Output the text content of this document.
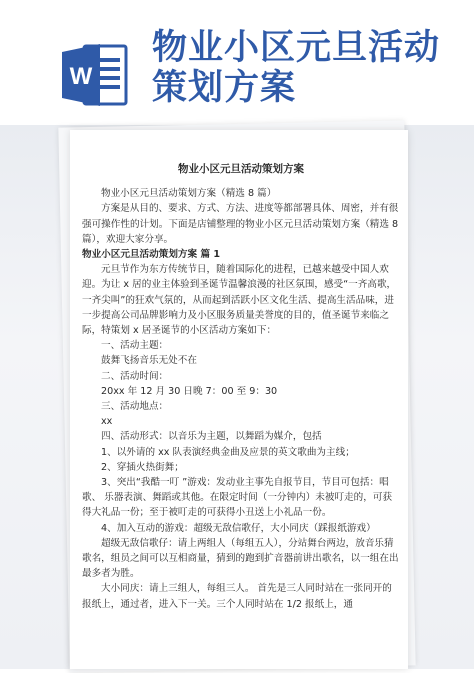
W
物业小区元旦活动
策划方案
物业小区元旦活动策划方案

物业小区元旦活动策划方案（精选 8 篇）

方案是从目的、要求、方式、方法、进度等都部署具体、周密，并有很强可操作性的计划。下面是店铺整理的物业小区元旦活动策划方案（精选 8 篇），欢迎大家分享。

物业小区元旦活动策划方案 篇 1

元旦节作为东方传统节日，随着国际化的进程，已越来越受中国人欢迎。为让 x 居的业主体验到圣诞节温馨浪漫的社区氛围，感受“一齐高歌，一齐尖叫”的狂欢气氛的，从而起到活跃小区文化生活、提高生活品味，进一步提高公司品牌影响力及小区服务质量美誉度的目的，值圣诞节来临之际，特策划 x 居圣诞节的小区活动方案如下：

一、活动主题：

鼓舞飞扬音乐无处不在

二、活动时间：

20xx 年 12 月 30 日晚 7：00 至 9：30

三、活动地点：

xx

四、活动形式：以音乐为主题，以舞蹈为媒介，包括

1、以外请的 xx 队表演经典金曲及应景的英文歌曲为主线；

2、穿插火热街舞；

3、突出“我酷一叮 ”游戏：发动业主事先自报节目，节目可包括：唱歌、 乐器表演、舞蹈或其他。在限定时间（一分钟内）未被叮走的，可获得大礼品一份；至于被叮走的可获得小丑送上小礼品一份。

4、加入互动的游戏：超级无敌信歌仔，大小同庆（踩报纸游戏）

超级无敌信歌仔：请上两组人（每组五人），分站舞台两边，放音乐猜歌名，组员之间可以互相商量，猜到的跑到扩音器前讲出歌名，以一组在出最多者为胜。

大小同庆：请上三组人，每组三人。 首先是三人同时站在一张同开的报纸上，通过者，进入下一关。三个人同时站在 1/2 报纸上，通
